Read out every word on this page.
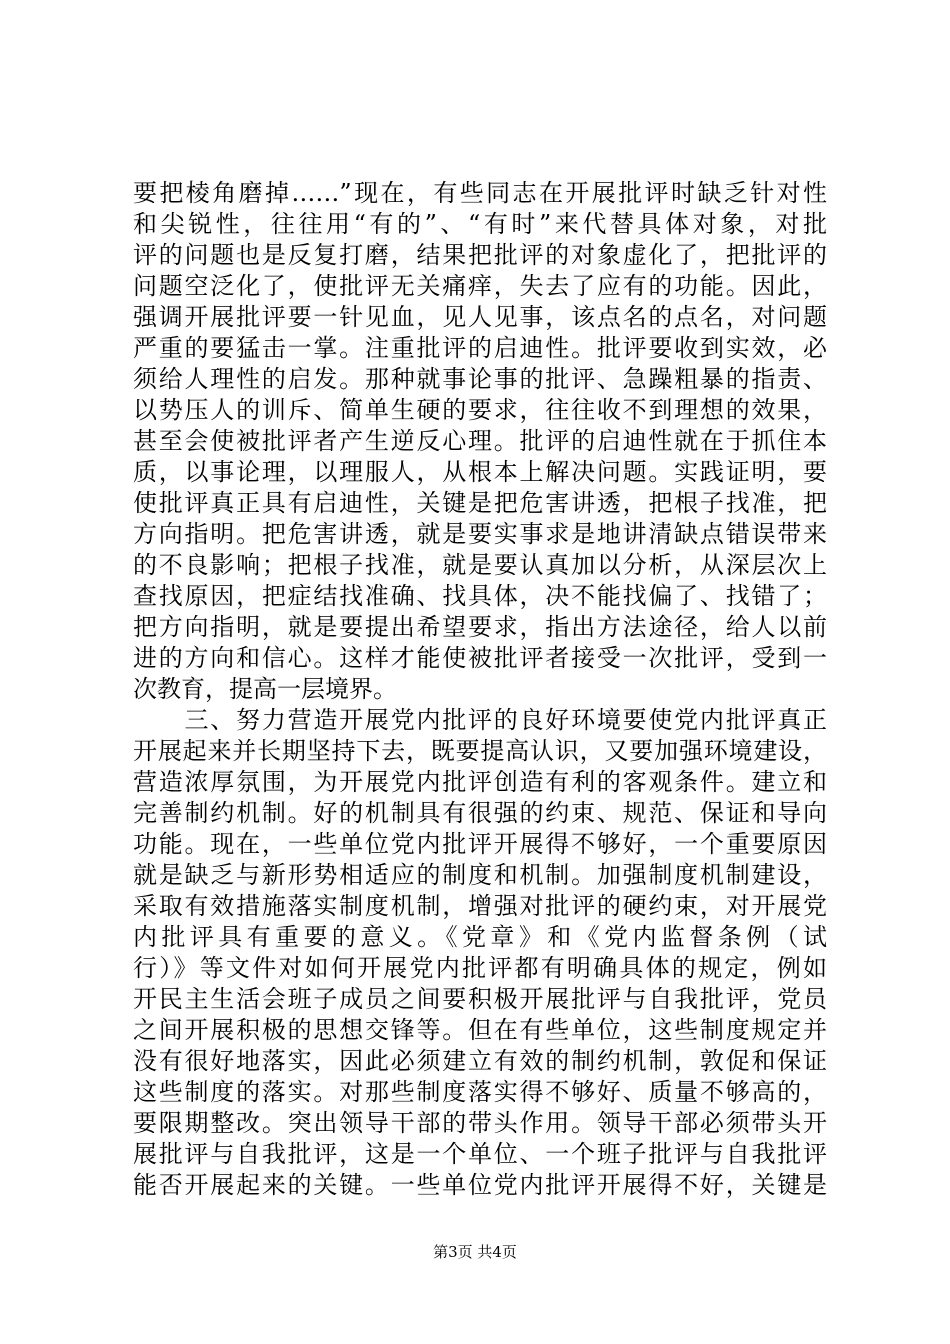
要把棱角磨掉……”现在，有些同志在开展批评时缺乏针对性
和尖锐性，往往用“有的”、“有时”来代替具体对象，对批
评的问题也是反复打磨，结果把批评的对象虚化了，把批评的
问题空泛化了，使批评无关痛痒，失去了应有的功能。因此，
强调开展批评要一针见血，见人见事，该点名的点名，对问题
严重的要猛击一掌。注重批评的启迪性。批评要收到实效，必
须给人理性的启发。那种就事论事的批评、急躁粗暴的指责、
以势压人的训斥、简单生硬的要求，往往收不到理想的效果，
甚至会使被批评者产生逆反心理。批评的启迪性就在于抓住本
质，以事论理，以理服人，从根本上解决问题。实践证明，要
使批评真正具有启迪性，关键是把危害讲透，把根子找准，把
方向指明。把危害讲透，就是要实事求是地讲清缺点错误带来
的不良影响；把根子找准，就是要认真加以分析，从深层次上
查找原因，把症结找准确、找具体，决不能找偏了、找错了；
把方向指明，就是要提出希望要求，指出方法途径，给人以前
进的方向和信心。这样才能使被批评者接受一次批评，受到一
次教育，提高一层境界。
　　三、努力营造开展党内批评的良好环境要使党内批评真正
开展起来并长期坚持下去，既要提高认识，又要加强环境建设，
营造浓厚氛围，为开展党内批评创造有利的客观条件。建立和
完善制约机制。好的机制具有很强的约束、规范、保证和导向
功能。现在，一些单位党内批评开展得不够好，一个重要原因
就是缺乏与新形势相适应的制度和机制。加强制度机制建设，
采取有效措施落实制度机制，增强对批评的硬约束，对开展党
内批评具有重要的意义。《党章》和《党内监督条例（试
行）》等文件对如何开展党内批评都有明确具体的规定，例如
开民主生活会班子成员之间要积极开展批评与自我批评，党员
之间开展积极的思想交锋等。但在有些单位，这些制度规定并
没有很好地落实，因此必须建立有效的制约机制，敦促和保证
这些制度的落实。对那些制度落实得不够好、质量不够高的，
要限期整改。突出领导干部的带头作用。领导干部必须带头开
展批评与自我批评，这是一个单位、一个班子批评与自我批评
能否开展起来的关键。一些单位党内批评开展得不好，关键是
第3页 共4页
